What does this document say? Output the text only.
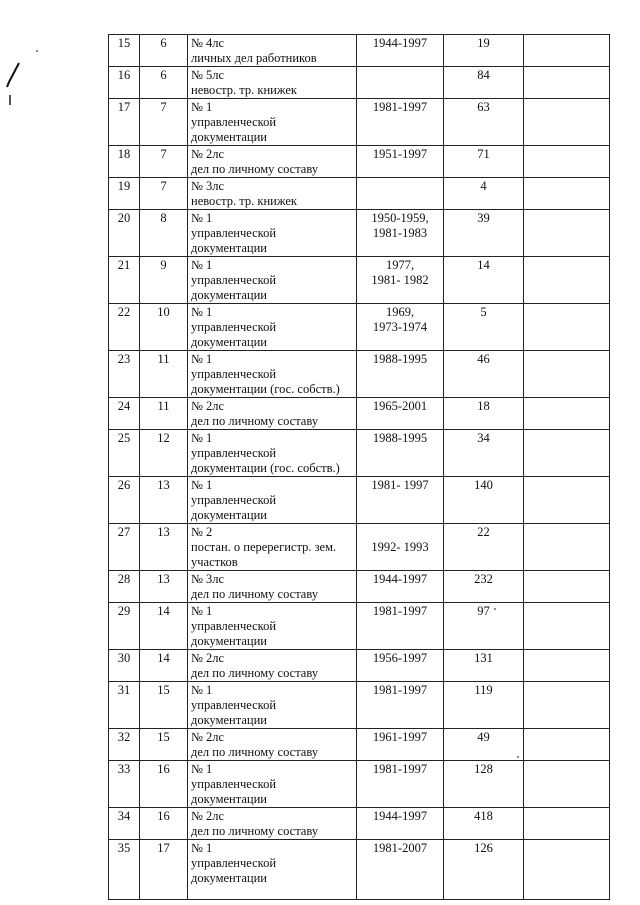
15	6	№ 4лс
личных дел работников	1944-1997	19	
16	6	№ 5лс
невостр. тр. книжек		84	
17	7	№ 1
управленческой
документации	1981-1997	63	
18	7	№ 2лс
дел по личному составу	1951-1997	71	
19	7	№ 3лс
невостр. тр. книжек		4	
20	8	№ 1
управленческой
документации	1950-1959,
1981-1983	39	
21	9	№ 1
управленческой
документации	1977,
1981- 1982	14	
22	10	№ 1
управленческой
документации	1969,
1973-1974	5	
23	11	№ 1
управленческой
документации (гос. собств.)	1988-1995	46	
24	11	№ 2лс
дел по личному составу	1965-2001	18	
25	12	№ 1
управленческой
документации (гос. собств.)	1988-1995	34	
26	13	№ 1
управленческой
документации	1981- 1997	140	
27	13	№ 2
постан. о перерегистр. зем.
участков	1992- 1993	22	
28	13	№ 3лс
дел по личному составу	1944-1997	232	
29	14	№ 1
управленческой
документации	1981-1997	97	
30	14	№ 2лс
дел по личному составу	1956-1997	131	
31	15	№ 1
управленческой
документации	1981-1997	119	
32	15	№ 2лс
дел по личному составу	1961-1997	49	
33	16	№ 1
управленческой
документации	1981-1997	128	
34	16	№ 2лс
дел по личному составу	1944-1997	418	
35	17	№ 1
управленческой
документации	1981-2007	126	
